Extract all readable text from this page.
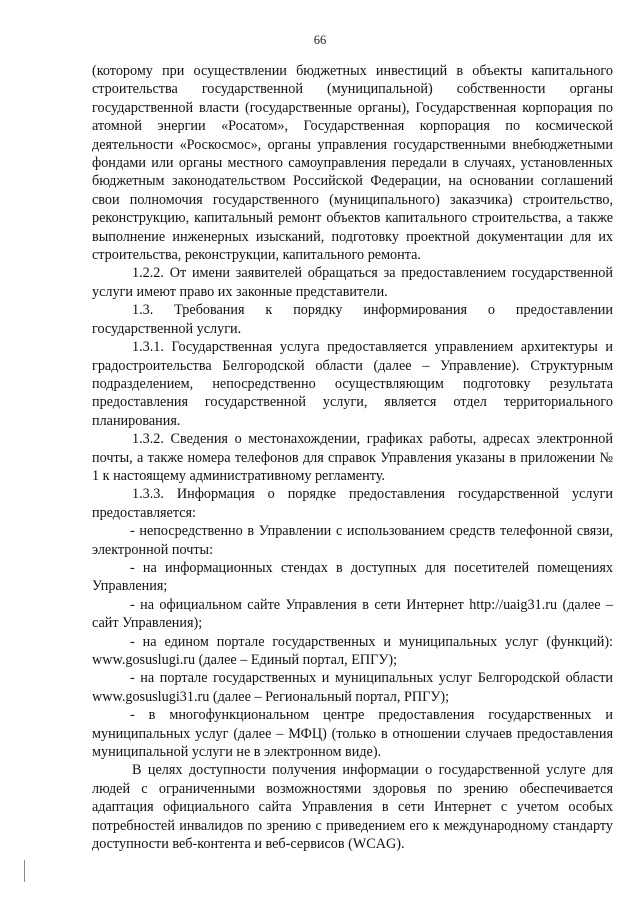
66

(которому при осуществлении бюджетных инвестиций в объекты капитального строительства государственной (муниципальной) собственности органы государственной власти (государственные органы), Государственная корпорация по атомной энергии «Росатом», Государственная корпорация по космической деятельности «Роскосмос», органы управления государственными внебюджетными фондами или органы местного самоуправления передали в случаях, установленных бюджетным законодательством Российской Федерации, на основании соглашений свои полномочия государственного (муниципального) заказчика) строительство, реконструкцию, капитальный ремонт объектов капитального строительства, а также выполнение инженерных изысканий, подготовку проектной документации для их строительства, реконструкции, капитального ремонта.

1.2.2. От имени заявителей обращаться за предоставлением государственной услуги имеют право их законные представители.

1.3. Требования к порядку информирования о предоставлении государственной услуги.

1.3.1. Государственная услуга предоставляется управлением архитектуры и градостроительства Белгородской области (далее – Управление). Структурным подразделением, непосредственно осуществляющим подготовку результата предоставления государственной услуги, является отдел территориального планирования.

1.3.2. Сведения о местонахождении, графиках работы, адресах электронной почты, а также номера телефонов для справок Управления указаны в приложении № 1 к настоящему административному регламенту.

1.3.3. Информация о порядке предоставления государственной услуги предоставляется:

- непосредственно в Управлении с использованием средств телефонной связи, электронной почты:

- на информационных стендах в доступных для посетителей помещениях Управления;

- на официальном сайте Управления в сети Интернет http://uaig31.ru (далее – сайт Управления);

- на едином портале государственных и муниципальных услуг (функций): www.gosuslugi.ru (далее – Единый портал, ЕПГУ);

- на портале государственных и муниципальных услуг Белгородской области www.gosuslugi31.ru (далее – Региональный портал, РПГУ);

- в многофункциональном центре предоставления государственных и муниципальных услуг (далее – МФЦ) (только в отношении случаев предоставления муниципальной услуги не в электронном виде).

В целях доступности получения информации о государственной услуге для людей с ограниченными возможностями здоровья по зрению обеспечивается адаптация официального сайта Управления в сети Интернет с учетом особых потребностей инвалидов по зрению с приведением его к международному стандарту доступности веб-контента и веб-сервисов (WCAG).
